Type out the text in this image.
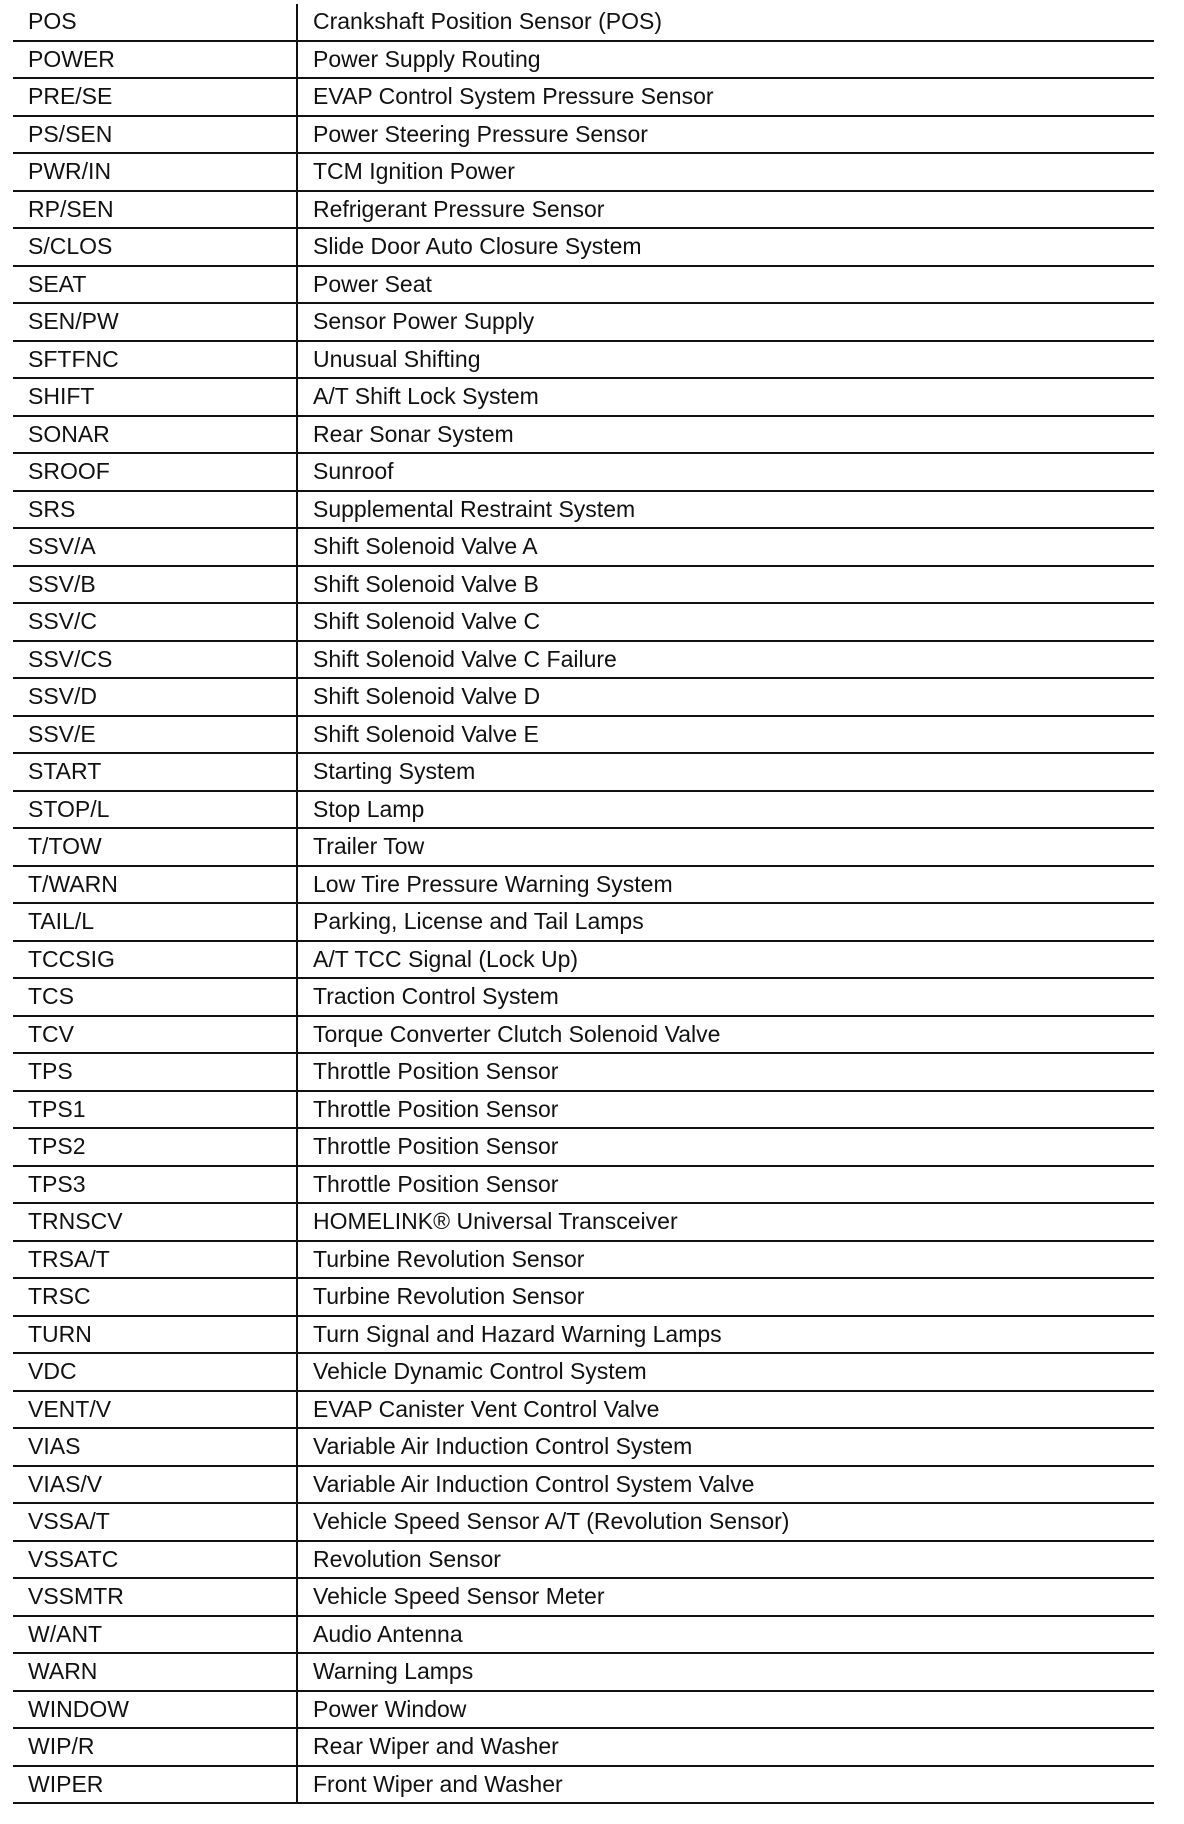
POS	Crankshaft Position Sensor (POS)
POWER	Power Supply Routing
PRE/SE	EVAP Control System Pressure Sensor
PS/SEN	Power Steering Pressure Sensor
PWR/IN	TCM Ignition Power
RP/SEN	Refrigerant Pressure Sensor
S/CLOS	Slide Door Auto Closure System
SEAT	Power Seat
SEN/PW	Sensor Power Supply
SFTFNC	Unusual Shifting
SHIFT	A/T Shift Lock System
SONAR	Rear Sonar System
SROOF	Sunroof
SRS	Supplemental Restraint System
SSV/A	Shift Solenoid Valve A
SSV/B	Shift Solenoid Valve B
SSV/C	Shift Solenoid Valve C
SSV/CS	Shift Solenoid Valve C Failure
SSV/D	Shift Solenoid Valve D
SSV/E	Shift Solenoid Valve E
START	Starting System
STOP/L	Stop Lamp
T/TOW	Trailer Tow
T/WARN	Low Tire Pressure Warning System
TAIL/L	Parking, License and Tail Lamps
TCCSIG	A/T TCC Signal (Lock Up)
TCS	Traction Control System
TCV	Torque Converter Clutch Solenoid Valve
TPS	Throttle Position Sensor
TPS1	Throttle Position Sensor
TPS2	Throttle Position Sensor
TPS3	Throttle Position Sensor
TRNSCV	HOMELINK® Universal Transceiver
TRSA/T	Turbine Revolution Sensor
TRSC	Turbine Revolution Sensor
TURN	Turn Signal and Hazard Warning Lamps
VDC	Vehicle Dynamic Control System
VENT/V	EVAP Canister Vent Control Valve
VIAS	Variable Air Induction Control System
VIAS/V	Variable Air Induction Control System Valve
VSSA/T	Vehicle Speed Sensor A/T (Revolution Sensor)
VSSATC	Revolution Sensor
VSSMTR	Vehicle Speed Sensor Meter
W/ANT	Audio Antenna
WARN	Warning Lamps
WINDOW	Power Window
WIP/R	Rear Wiper and Washer
WIPER	Front Wiper and Washer
